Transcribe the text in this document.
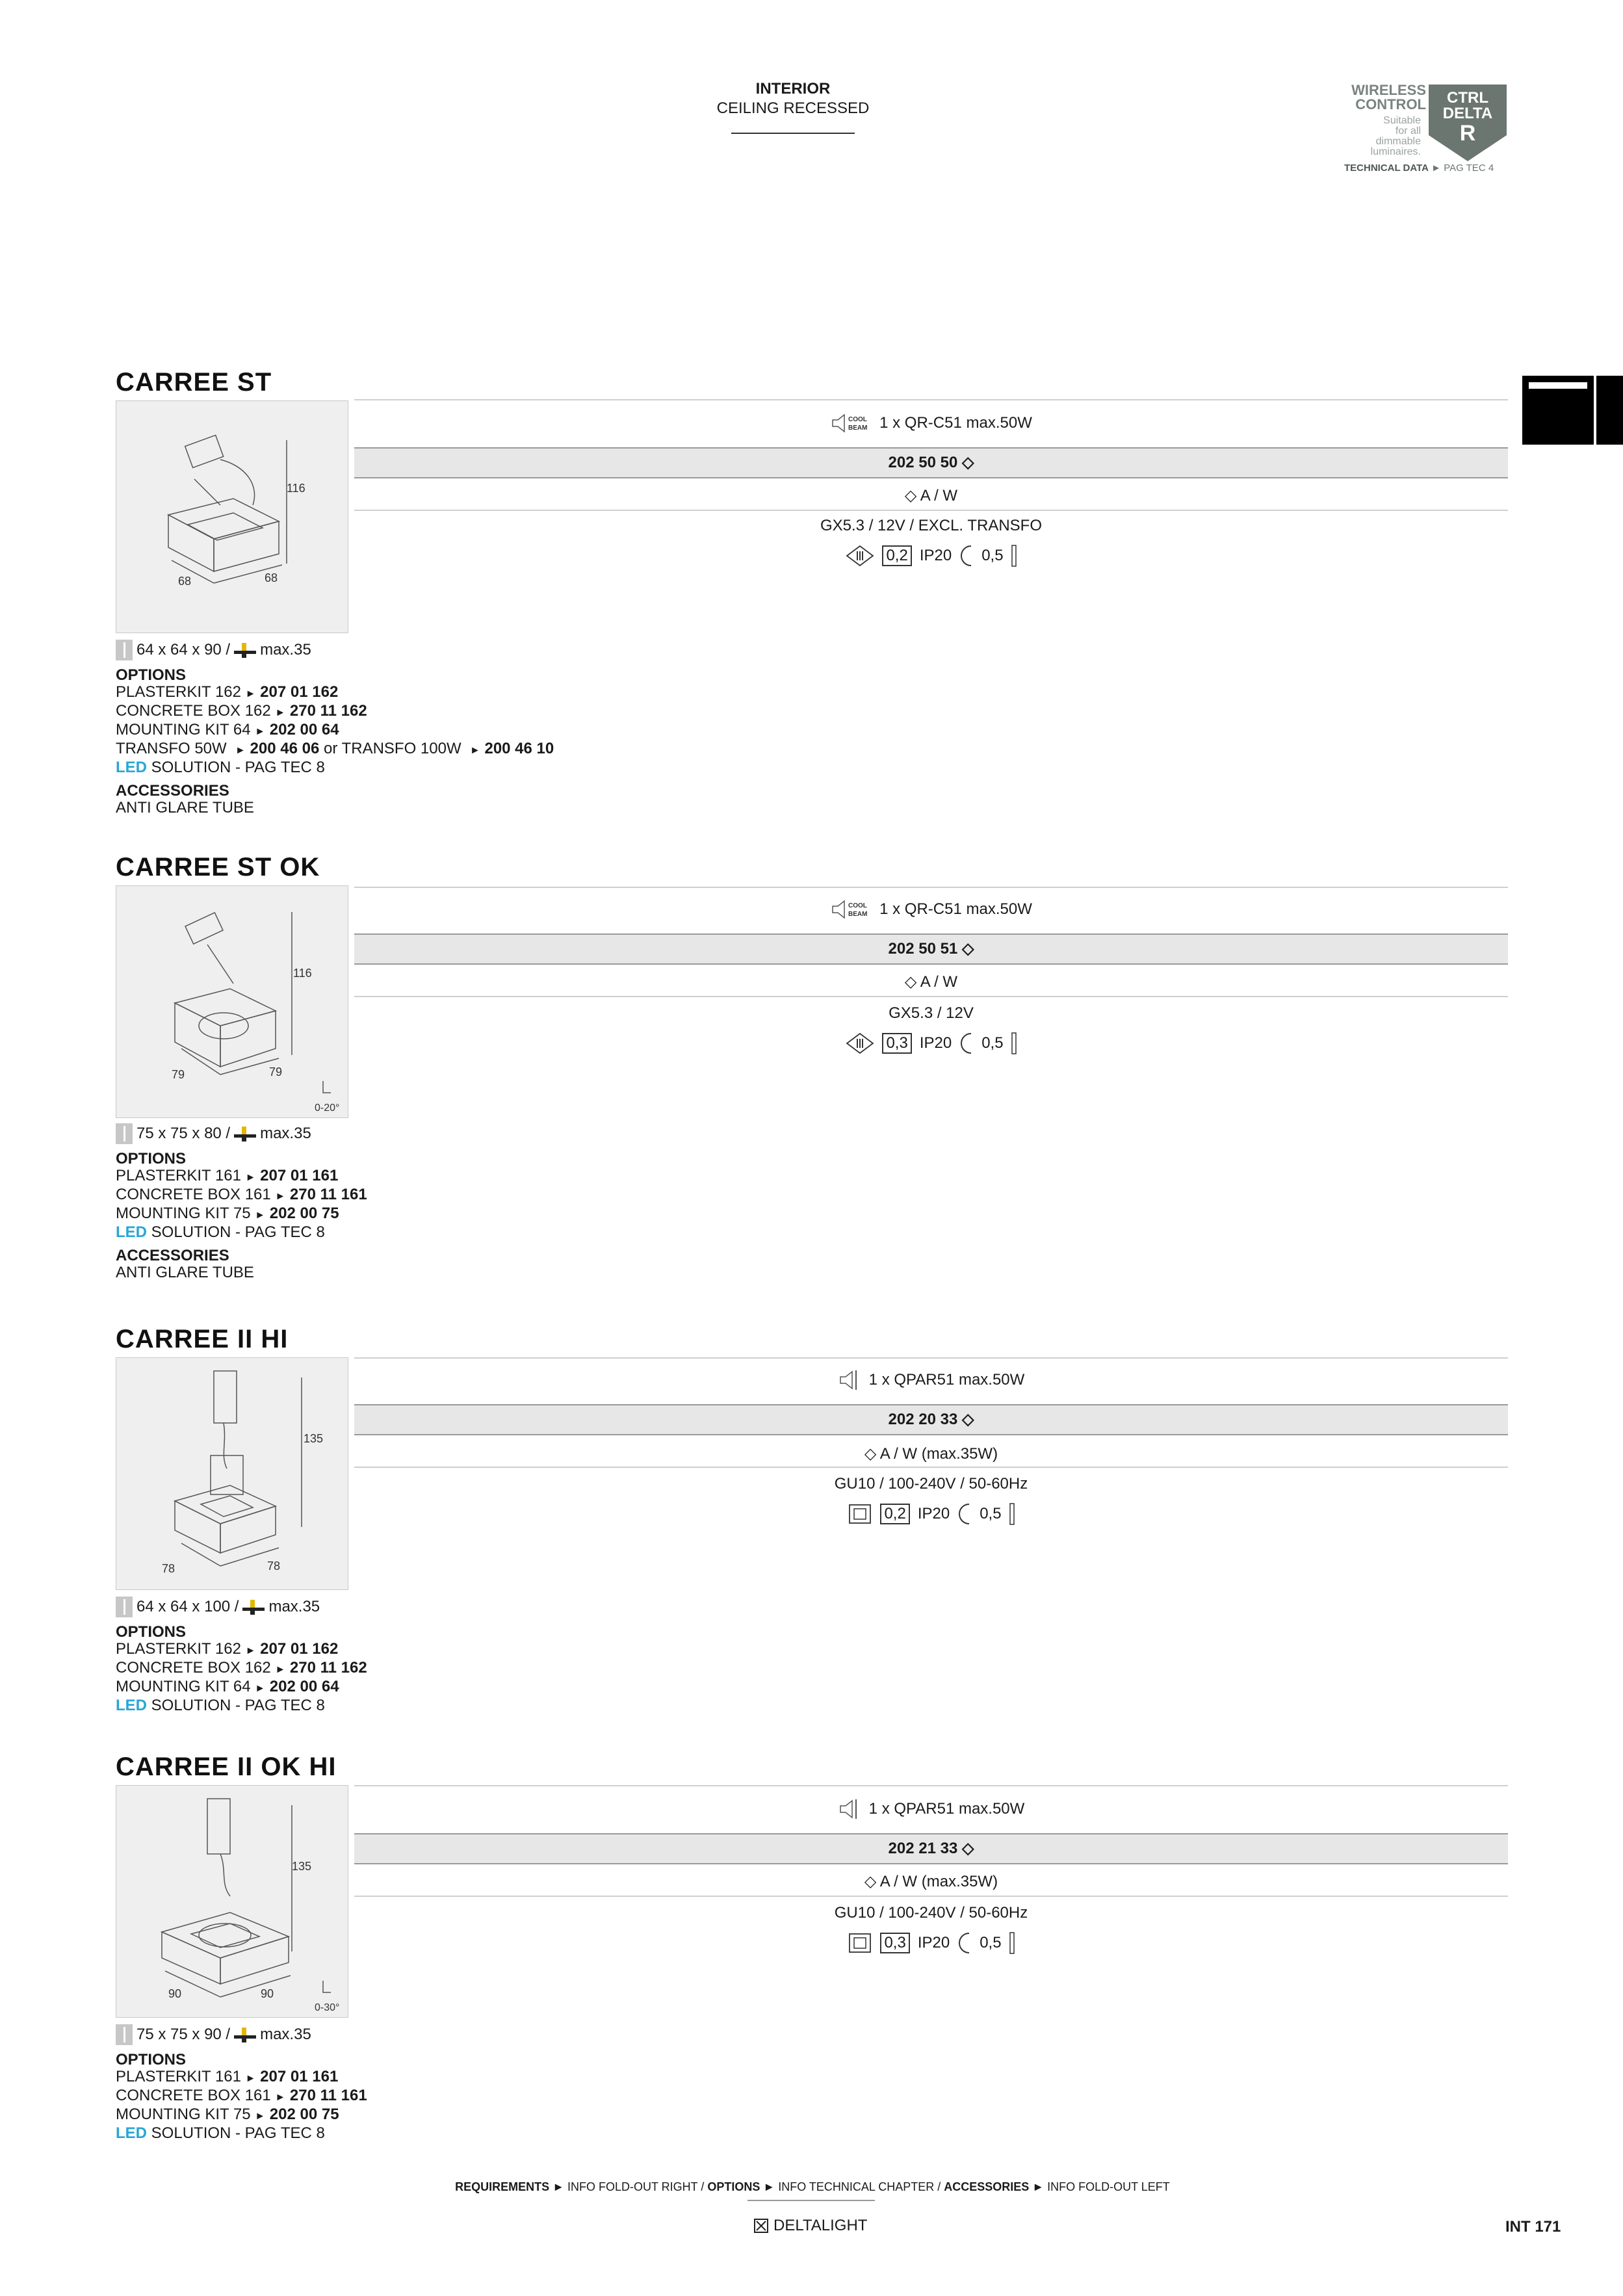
INTERIOR
CEILING RECESSED
WIRELESS
CONTROL
Suitable
for all
dimmable
luminaires.
CTRL
DELTA
R
TECHNICAL DATA ► PAG TEC 4
CARREE ST
116
68	68
COOL
BEAM 1 x QR-C51 max.50W
202 50 50 ◇
◇ A / W
GX5.3 / 12V / EXCL. TRANSFO
0,2 IP20 0,5
64 x 64 x 90 / max.35
OPTIONS
PLASTERKIT 162 ► 207 01 162
CONCRETE BOX 162 ► 270 11 162
MOUNTING KIT 64 ► 202 00 64
TRANSFO 50W ► 200 46 06 or TRANSFO 100W ► 200 46 10
LED SOLUTION - PAG TEC 8
ACCESSORIES
ANTI GLARE TUBE
CARREE ST OK
116
79	79
0-20°
COOL
BEAM 1 x QR-C51 max.50W
202 50 51 ◇
◇ A / W
GX5.3 / 12V
0,3 IP20 0,5
75 x 75 x 80 / max.35
OPTIONS
PLASTERKIT 161 ► 207 01 161
CONCRETE BOX 161 ► 270 11 161
MOUNTING KIT 75 ► 202 00 75
LED SOLUTION - PAG TEC 8
ACCESSORIES
ANTI GLARE TUBE
CARREE II HI
135
78	78
1 x QPAR51 max.50W
202 20 33 ◇
◇ A / W (max.35W)
GU10 / 100-240V / 50-60Hz
0,2 IP20 0,5
64 x 64 x 100 / max.35
OPTIONS
PLASTERKIT 162 ► 207 01 162
CONCRETE BOX 162 ► 270 11 162
MOUNTING KIT 64 ► 202 00 64
LED SOLUTION - PAG TEC 8
CARREE II OK HI
135
90	90
0-30°
1 x QPAR51 max.50W
202 21 33 ◇
◇ A / W (max.35W)
GU10 / 100-240V / 50-60Hz
0,3 IP20 0,5
75 x 75 x 90 / max.35
OPTIONS
PLASTERKIT 161 ► 207 01 161
CONCRETE BOX 161 ► 270 11 161
MOUNTING KIT 75 ► 202 00 75
LED SOLUTION - PAG TEC 8
REQUIREMENTS ► INFO FOLD-OUT RIGHT / OPTIONS ► INFO TECHNICAL CHAPTER / ACCESSORIES ► INFO FOLD-OUT LEFT
DELTALIGHT	INT 171
